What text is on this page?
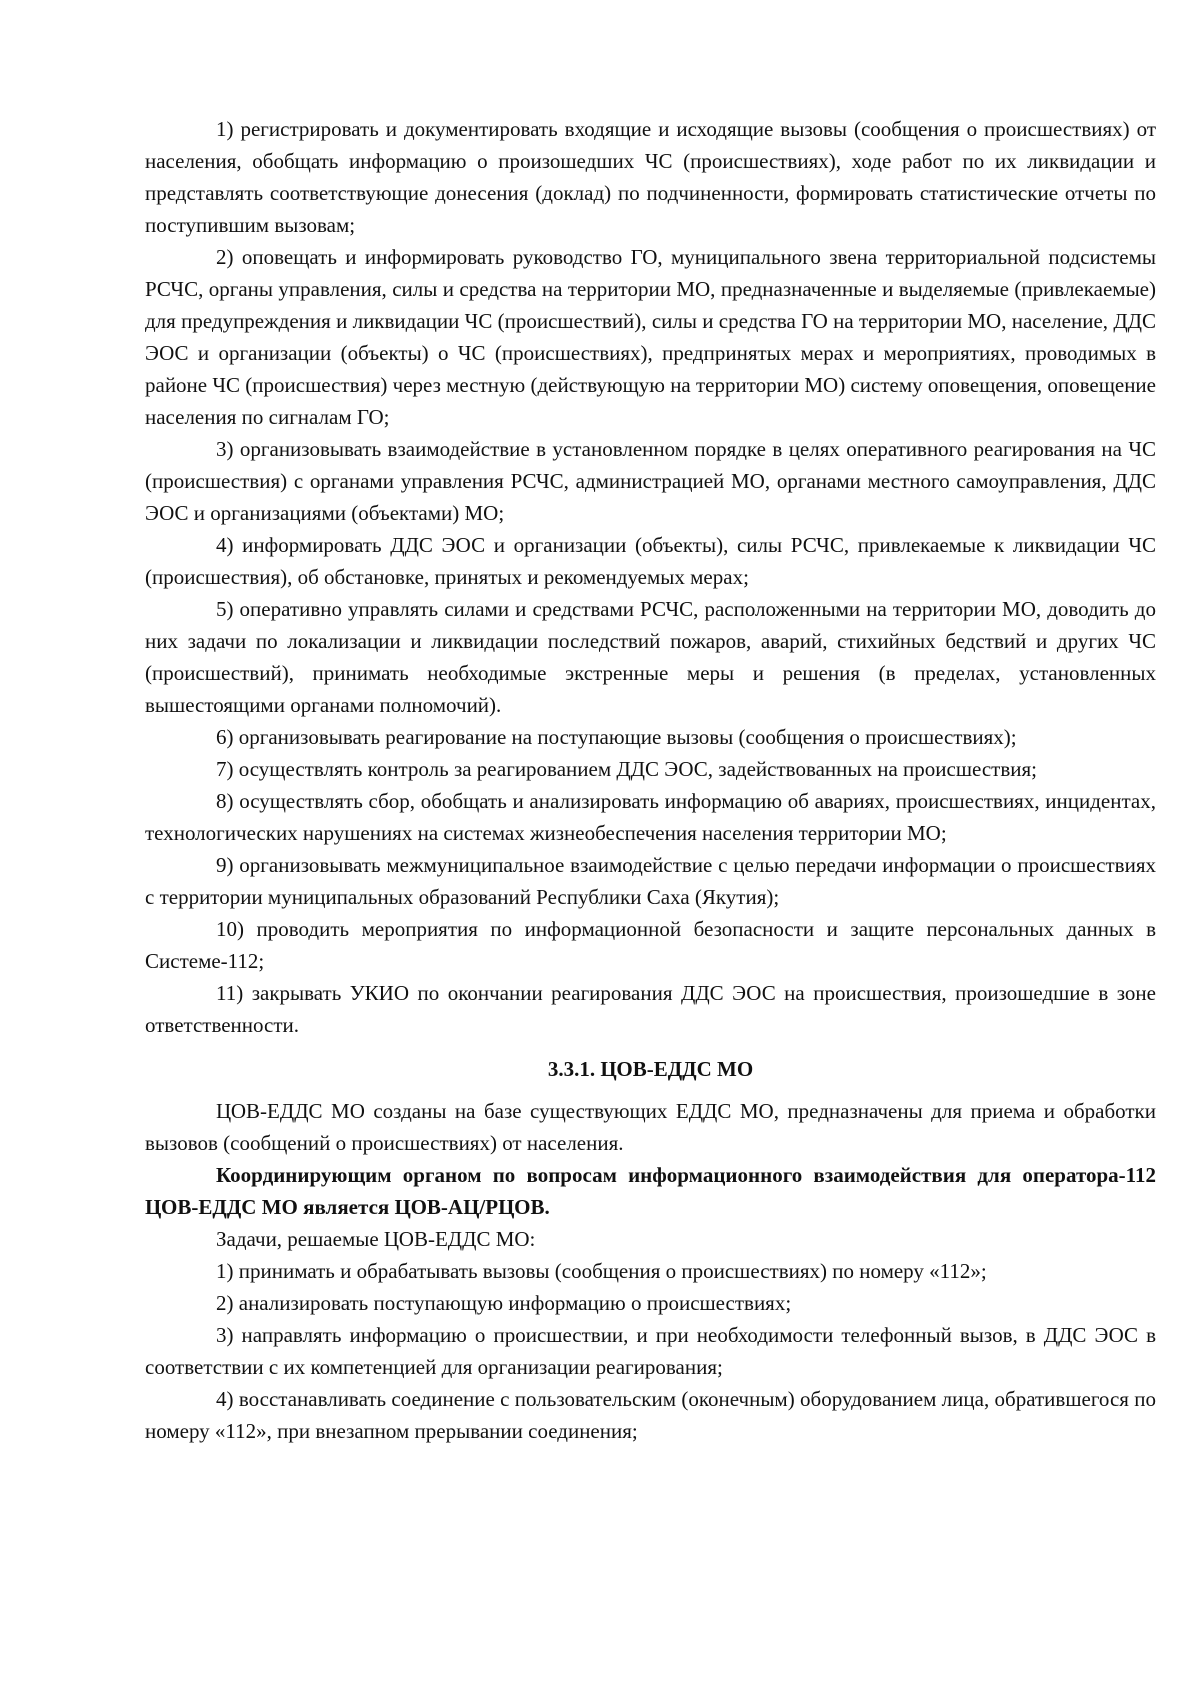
1) регистрировать и документировать входящие и исходящие вызовы (сообщения о происшествиях) от населения, обобщать информацию о произошедших ЧС (происшествиях), ходе работ по их ликвидации и представлять соответствующие донесения (доклад) по подчиненности, формировать статистические отчеты по поступившим вызовам;

2) оповещать и информировать руководство ГО, муниципального звена территориальной подсистемы РСЧС, органы управления, силы и средства на территории МО, предназначенные и выделяемые (привлекаемые) для предупреждения и ликвидации ЧС (происшествий), силы и средства ГО на территории МО, население, ДДС ЭОС и организации (объекты) о ЧС (происшествиях), предпринятых мерах и мероприятиях, проводимых в районе ЧС (происшествия) через местную (действующую на территории МО) систему оповещения, оповещение населения по сигналам ГО;

3) организовывать взаимодействие в установленном порядке в целях оперативного реагирования на ЧС (происшествия) с органами управления РСЧС, администрацией МО, органами местного самоуправления, ДДС ЭОС и организациями (объектами) МО;

4) информировать ДДС ЭОС и организации (объекты), силы РСЧС, привлекаемые к ликвидации ЧС (происшествия), об обстановке, принятых и рекомендуемых мерах;

5) оперативно управлять силами и средствами РСЧС, расположенными на территории МО, доводить до них задачи по локализации и ликвидации последствий пожаров, аварий, стихийных бедствий и других ЧС (происшествий), принимать необходимые экстренные меры и решения (в пределах, установленных вышестоящими органами полномочий).

6) организовывать реагирование на поступающие вызовы (сообщения о происшествиях);

7) осуществлять контроль за реагированием ДДС ЭОС, задействованных на происшествия;

8) осуществлять сбор, обобщать и анализировать информацию об авариях, происшествиях, инцидентах, технологических нарушениях на системах жизнеобеспечения населения территории МО;

9) организовывать межмуниципальное взаимодействие с целью передачи информации о происшествиях с территории муниципальных образований Республики Саха (Якутия);

10) проводить мероприятия по информационной безопасности и защите персональных данных в Системе-112;

11) закрывать УКИО по окончании реагирования ДДС ЭОС на происшествия, произошедшие в зоне ответственности.

3.3.1. ЦОВ-ЕДДС МО

ЦОВ-ЕДДС МО созданы на базе существующих ЕДДС МО, предназначены для приема и обработки вызовов (сообщений о происшествиях) от населения.

Координирующим органом по вопросам информационного взаимодействия для оператора-112 ЦОВ-ЕДДС МО является ЦОВ-АЦ/РЦОВ.

Задачи, решаемые ЦОВ-ЕДДС МО:

1) принимать и обрабатывать вызовы (сообщения о происшествиях) по номеру «112»;

2) анализировать поступающую информацию о происшествиях;

3) направлять информацию о происшествии, и при необходимости телефонный вызов, в ДДС ЭОС в соответствии с их компетенцией для организации реагирования;

4) восстанавливать соединение с пользовательским (оконечным) оборудованием лица, обратившегося по номеру «112», при внезапном прерывании соединения;
